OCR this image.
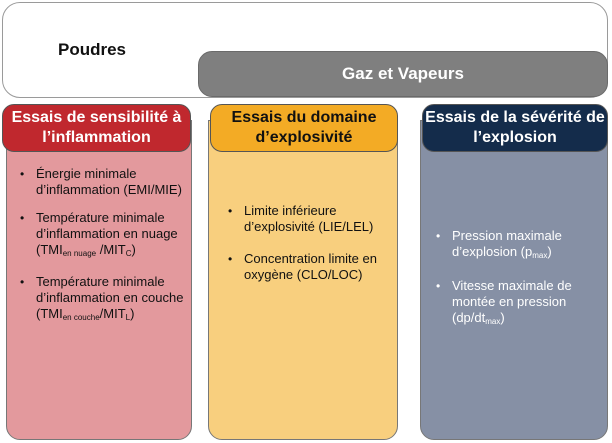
Poudres
Gaz et Vapeurs
Essais de sensibilité à l’inflammation
• Énergie minimale d’inflammation (EMI/MIE)
• Température minimale d’inflammation en nuage
($TMI_{en nuage}$ $/MIT_C$)
• Température minimale d’inflammation en couche
$(TMI_{en couche}/MIT_L)$
Essais du domaine d’explosivité
• Limite inférieure d’explosivité (LIE/LEL)
• Concentration limite en oxygène (CLO/LOC)
Essais de la sévérité de l’explosion
• Pression maximale d’explosion $(p_{max})$
• Vitesse maximale de montée en pression $(dp/dt_{max})$
